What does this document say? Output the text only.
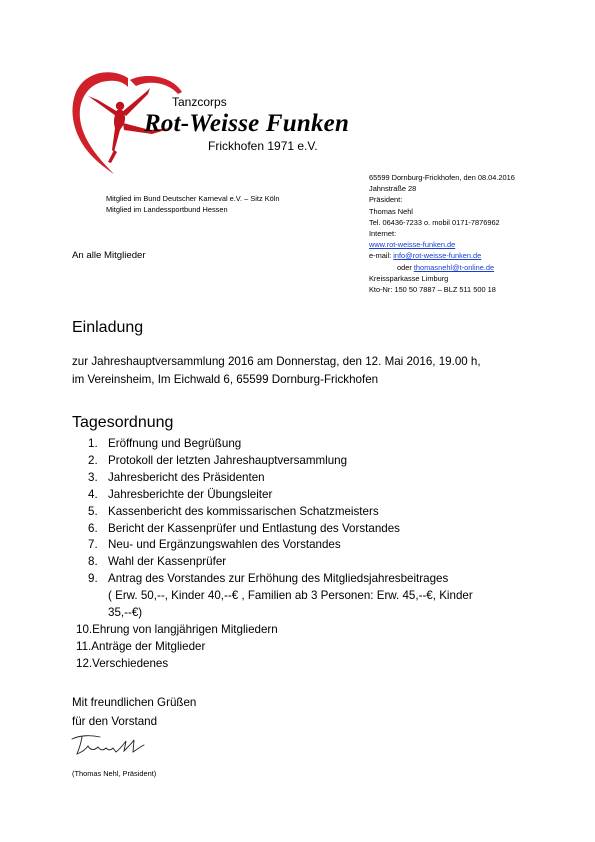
Tanzcorps
Rot-Weisse Funken
Frickhofen 1971 e.V.
Mitglied im Bund Deutscher Karneval e.V. – Sitz Köln
Mitglied im Landessportbund Hessen
65599 Dornburg-Frickhofen, den 08.04.2016
Jahnstraße 28
Präsident:
Thomas Nehl
Tel. 06436-7233 o. mobil 0171-7876962
Internet:
www.rot-weisse-funken.de
e-mail: info@rot-weisse-funken.de
oder thomasnehl@t-online.de
Kreissparkasse Limburg
Kto-Nr: 150 50 7887 – BLZ 511 500 18
An alle Mitglieder
Einladung
zur Jahreshauptversammlung 2016 am Donnerstag, den 12. Mai 2016, 19.00 h,
im Vereinsheim, Im Eichwald 6, 65599 Dornburg-Frickhofen
Tagesordnung
1. Eröffnung und Begrüßung
2. Protokoll der letzten Jahreshauptversammlung
3. Jahresbericht des Präsidenten
4. Jahresberichte der Übungsleiter
5. Kassenbericht des kommissarischen Schatzmeisters
6. Bericht der Kassenprüfer und Entlastung des Vorstandes
7. Neu- und Ergänzungswahlen des Vorstandes
8. Wahl der Kassenprüfer
9. Antrag des Vorstandes zur Erhöhung des Mitgliedsjahresbeitrages
( Erw. 50,--, Kinder 40,--€ , Familien ab 3 Personen: Erw. 45,--€, Kinder
35,--€)
10.Ehrung von langjährigen Mitgliedern
11.Anträge der Mitglieder
12.Verschiedenes
Mit freundlichen Grüßen
für den Vorstand
(Thomas Nehl, Präsident)
